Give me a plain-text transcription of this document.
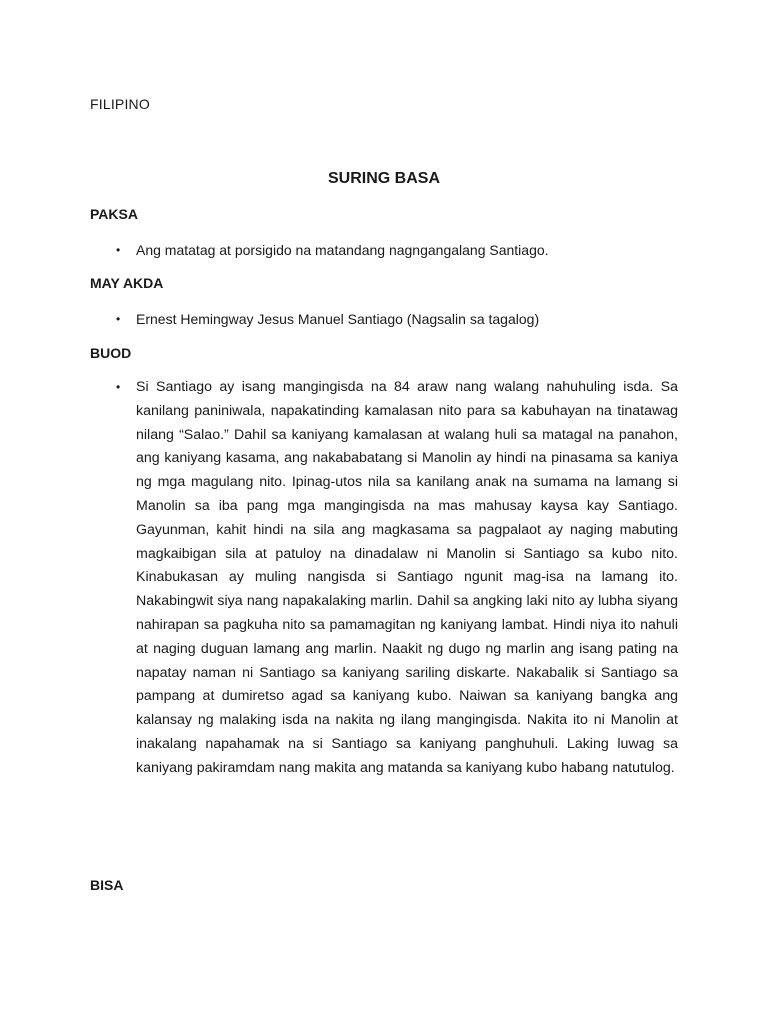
FILIPINO
SURING BASA
PAKSA
• Ang matatag at porsigido na matandang nagngangalang Santiago.
MAY AKDA
• Ernest Hemingway Jesus Manuel Santiago (Nagsalin sa tagalog)
BUOD
• Si Santiago ay isang mangingisda na 84 araw nang walang nahuhuling isda. Sa kanilang paniniwala, napakatinding kamalasan nito para sa kabuhayan na tinatawag nilang “Salao.” Dahil sa kaniyang kamalasan at walang huli sa matagal na panahon, ang kaniyang kasama, ang nakababatang si Manolin ay hindi na pinasama sa kaniya ng mga magulang nito. Ipinag-utos nila sa kanilang anak na sumama na lamang si Manolin sa iba pang mga mangingisda na mas mahusay kaysa kay Santiago. Gayunman, kahit hindi na sila ang magkasama sa pagpalaot ay naging mabuting magkaibigan sila at patuloy na dinadalaw ni Manolin si Santiago sa kubo nito. Kinabukasan ay muling nangisda si Santiago ngunit mag-isa na lamang ito. Nakabingwit siya nang napakalaking marlin. Dahil sa angking laki nito ay lubha siyang nahirapan sa pagkuha nito sa pamamagitan ng kaniyang lambat. Hindi niya ito nahuli at naging duguan lamang ang marlin. Naakit ng dugo ng marlin ang isang pating na napatay naman ni Santiago sa kaniyang sariling diskarte. Nakabalik si Santiago sa pampang at dumiretso agad sa kaniyang kubo. Naiwan sa kaniyang bangka ang kalansay ng malaking isda na nakita ng ilang mangingisda. Nakita ito ni Manolin at inakalang napahamak na si Santiago sa kaniyang panghuhuli. Laking luwag sa kaniyang pakiramdam nang makita ang matanda sa kaniyang kubo habang natutulog.
BISA
